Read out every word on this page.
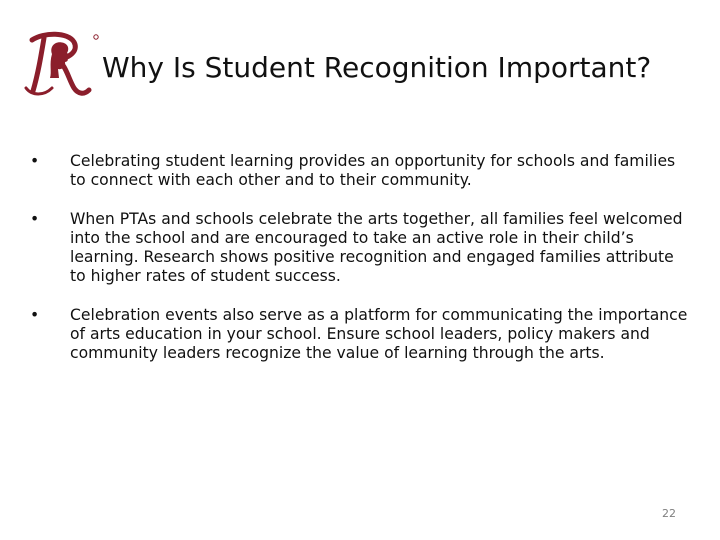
Why Is Student Recognition Important?
•	Celebrating student learning provides an opportunity for schools and families to connect with each other and to their community.
•	When PTAs and schools celebrate the arts together, all families feel welcomed into the school and are encouraged to take an active role in their child’s learning. Research shows positive recognition and engaged families attribute to higher rates of student success.
•	Celebration events also serve as a platform for communicating the importance of arts education in your school. Ensure school leaders, policy makers and community leaders recognize the value of learning through the arts.
22
